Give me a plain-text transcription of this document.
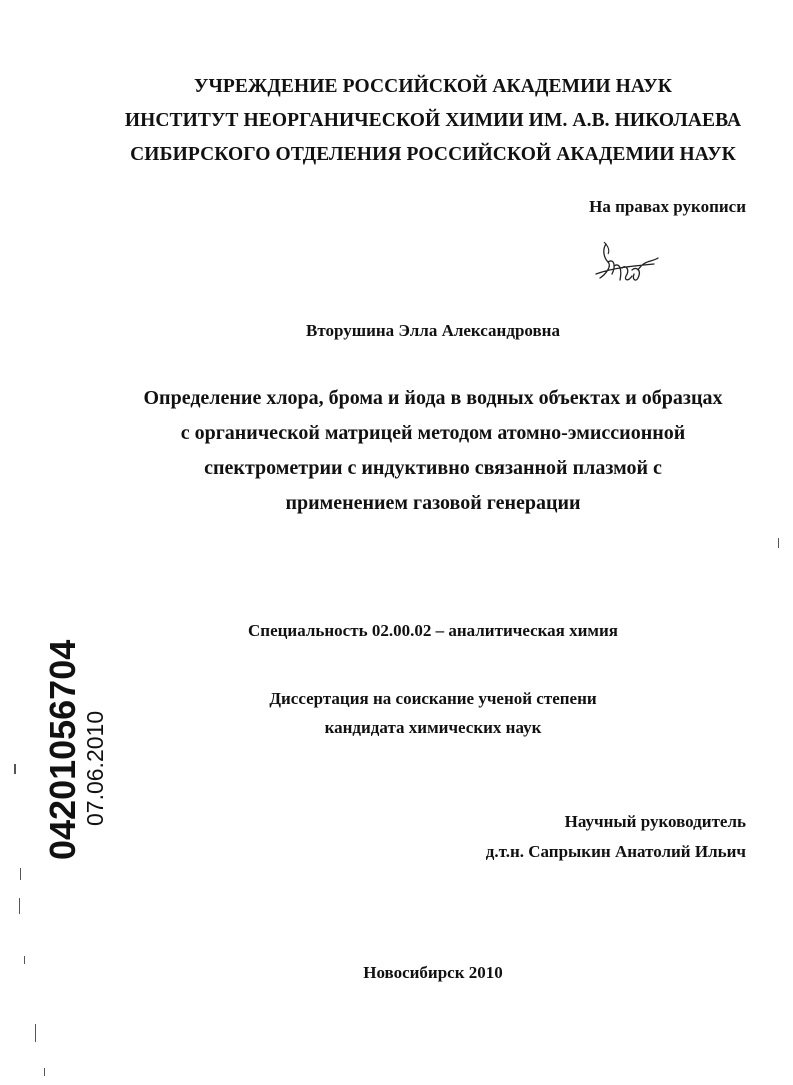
УЧРЕЖДЕНИЕ РОССИЙСКОЙ АКАДЕМИИ НАУК
ИНСТИТУТ НЕОРГАНИЧЕСКОЙ ХИМИИ ИМ. А.В. НИКОЛАЕВА
СИБИРСКОГО ОТДЕЛЕНИЯ РОССИЙСКОЙ АКАДЕМИИ НАУК
На правах рукописи
Вторушина Элла Александровна
Определение хлора, брома и йода в водных объектах и образцах
с органической матрицей методом атомно-эмиссионной
спектрометрии с индуктивно связанной плазмой с
применением газовой генерации
Специальность 02.00.02 – аналитическая химия
Диссертация на соискание ученой степени
кандидата химических наук
Научный руководитель
д.т.н. Сапрыкин Анатолий Ильич
Новосибирск 2010
04201056704 07.06.2010
